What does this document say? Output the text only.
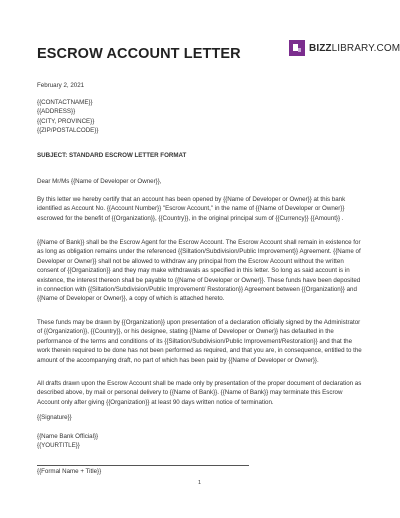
ESCROW ACCOUNT LETTER	BIZZLIBRARY.COM
February 2, 2021
{{CONTACTNAME}}
{{ADDRESS}}
{{CITY, PROVINCE}}
{{ZIP/POSTALCODE}}
SUBJECT: STANDARD ESCROW LETTER FORMAT
Dear Mr/Ms {{Name of Developer or Owner}},
By this letter we hereby certify that an account has been opened by {{Name of Developer or Owner}} at this bank identified as Account No. {{Account Number}} "Escrow Account," in the name of {{Name of Developer or Owner}} escrowed for the benefit of {{Organization}}, {{Country}}, in the original principal sum of {{Currency}} {{Amount}} .
{{Name of Bank}} shall be the Escrow Agent for the Escrow Account. The Escrow Account shall remain in existence for as long as obligation remains under the referenced {{Siltation/Subdivision/Public Improvement}} Agreement. {{Name of Developer or Owner}} shall not be allowed to withdraw any principal from the Escrow Account without the written consent of {{Organization}} and they may make withdrawals as specified in this letter. So long as said account is in existence, the interest thereon shall be payable to {{Name of Developer or Owner}}. These funds have been deposited in connection with {{Siltation/Subdivision/Public Improvement/ Restoration}} Agreement between {{Organization}} and {{Name of Developer or Owner}}, a copy of which is attached hereto.
These funds may be drawn by {{Organization}} upon presentation of a declaration officially signed by the Administrator of {{Organization}}, {{Country}}, or his designee, stating {{Name of Developer or Owner}} has defaulted in the performance of the terms and conditions of its {{Siltation/Subdivision/Public Improvement/Restoration}} and that the work therein required to be done has not been performed as required, and that you are, in consequence, entitled to the amount of the accompanying draft, no part of which has been paid by {{Name of Developer or Owner}}.
All drafts drawn upon the Escrow Account shall be made only by presentation of the proper document of declaration as described above, by mail or personal delivery to {{Name of Bank}}. {{Name of Bank}} may terminate this Escrow Account only after giving {{Organization}} at least 90 days written notice of termination.
{{Signature}}
{{Name Bank Official}}
{{YOURTITLE}}
{{Formal Name + Title}}
1
